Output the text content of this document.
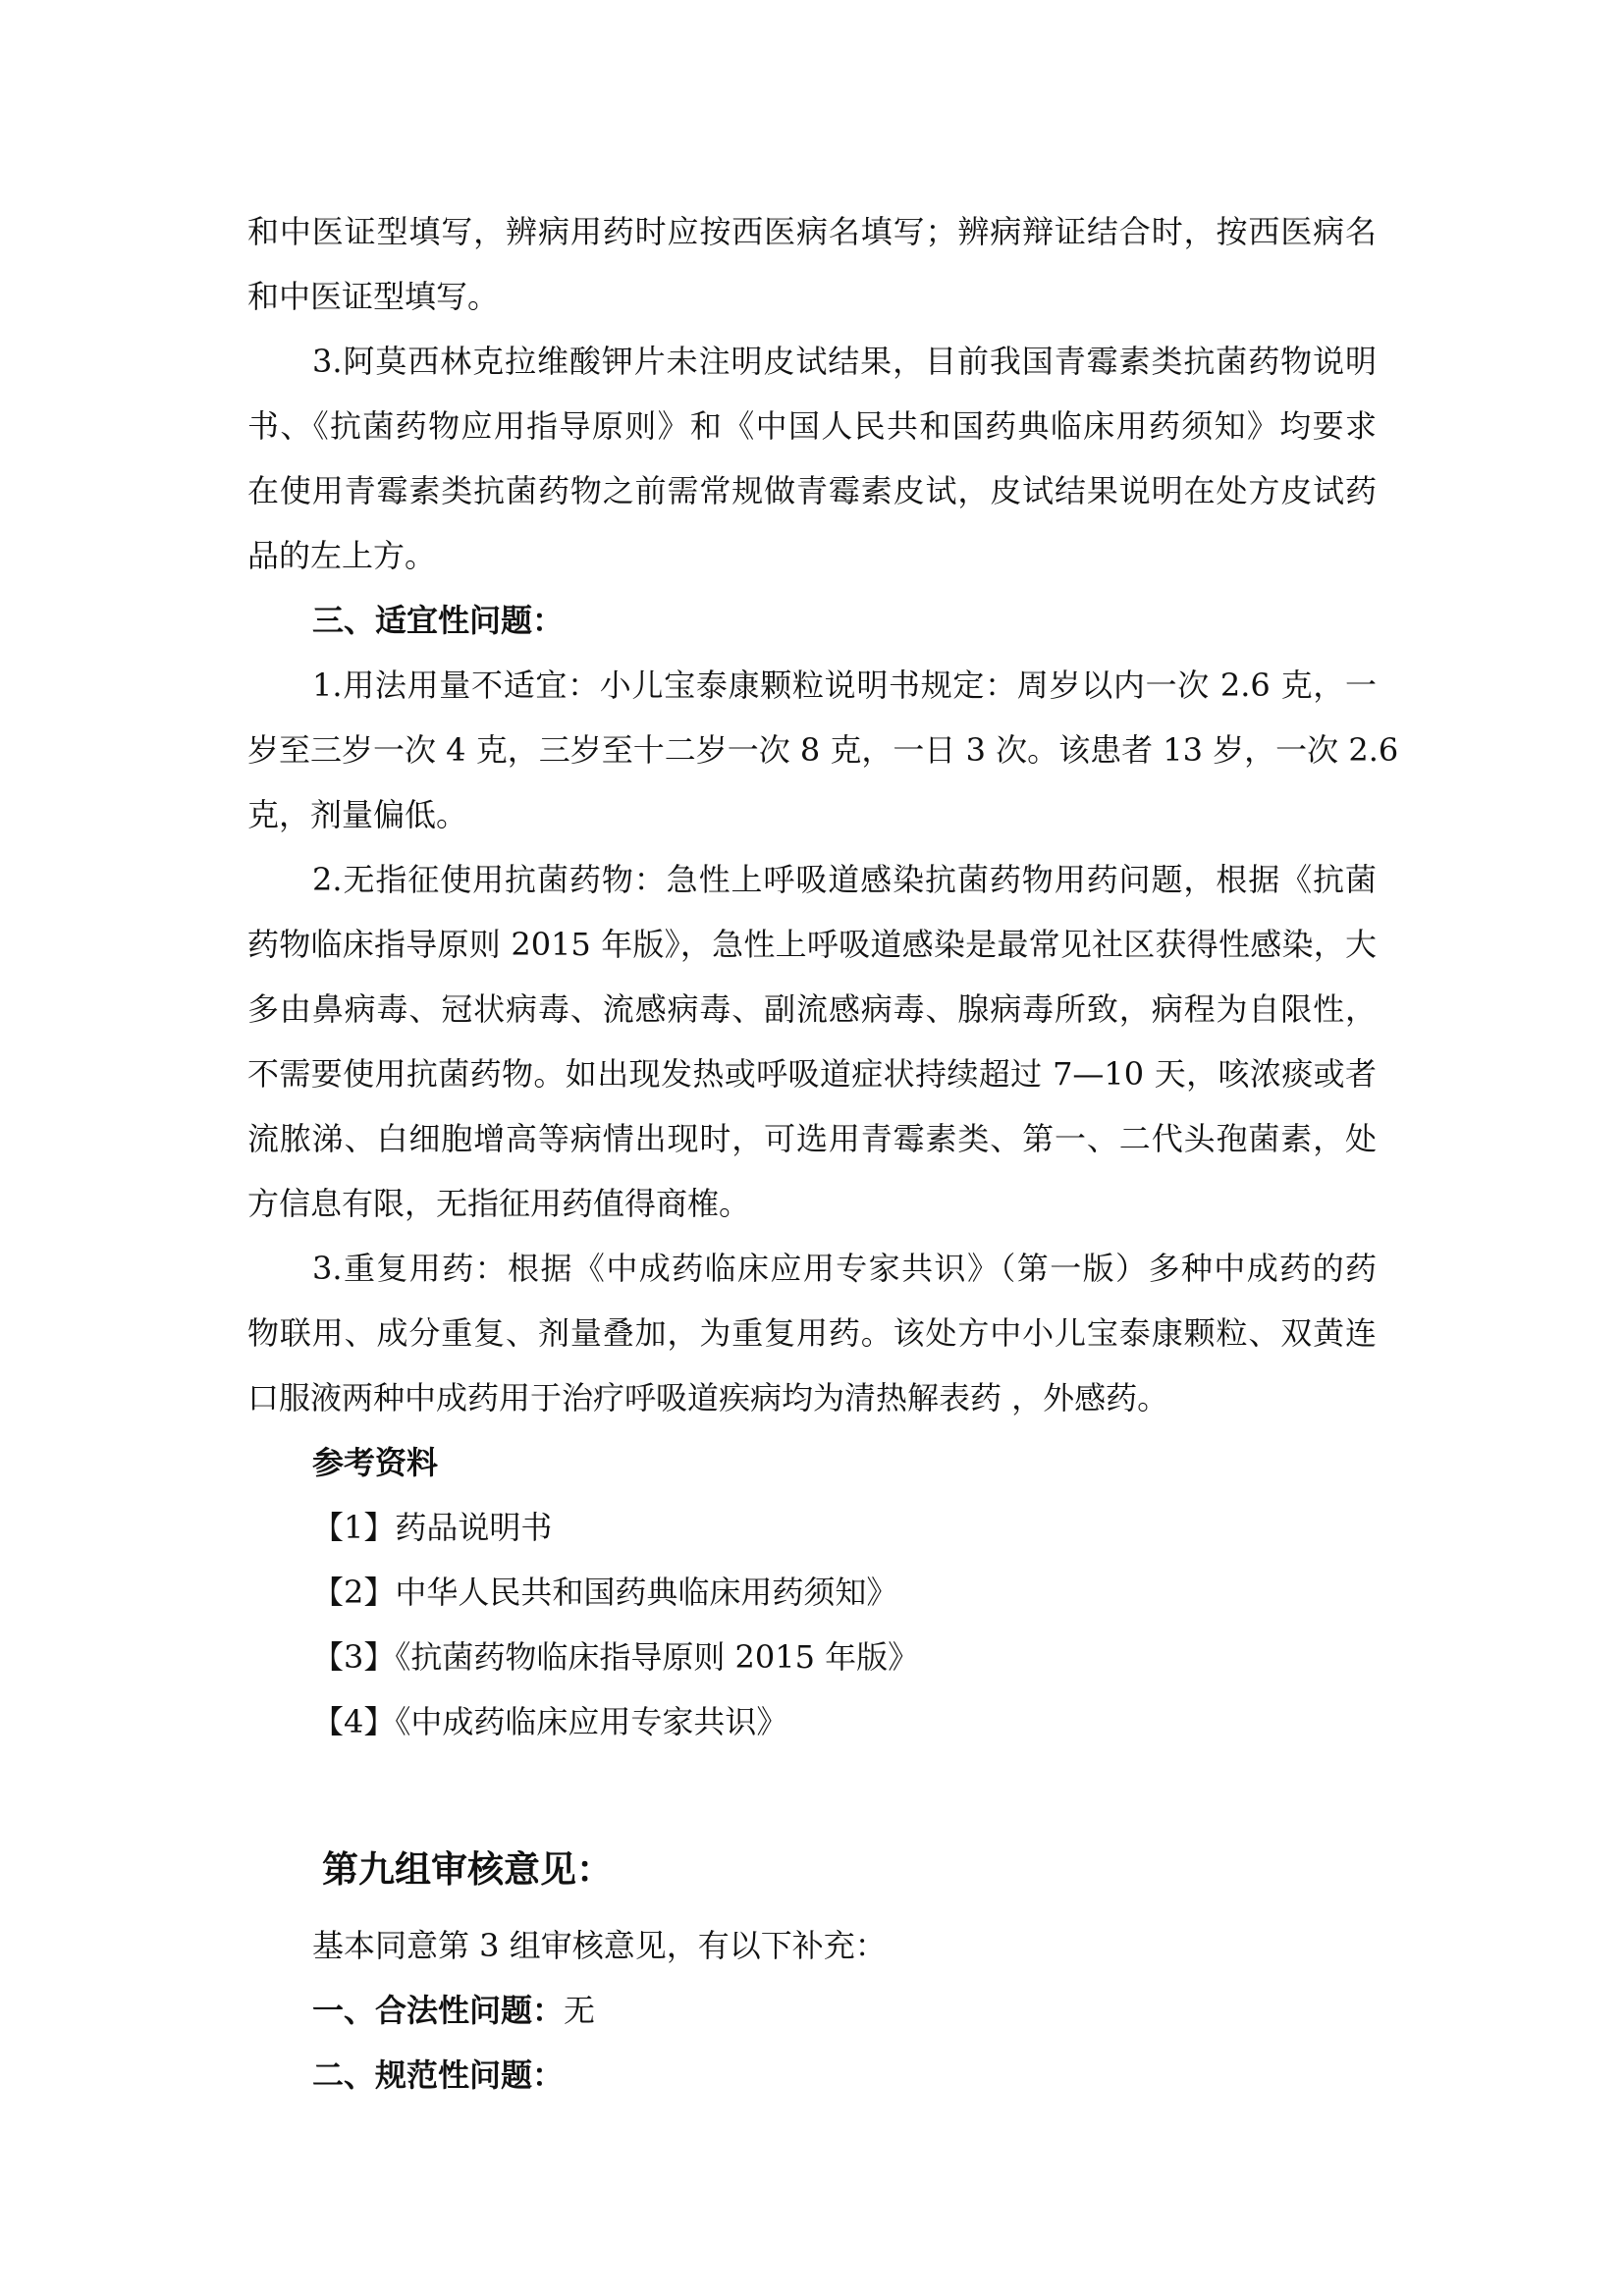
和中医证型填写，辨病用药时应按西医病名填写；辨病辩证结合时，按西医病名
和中医证型填写。
3.阿莫西林克拉维酸钾片未注明皮试结果，目前我国青霉素类抗菌药物说明
书、《抗菌药物应用指导原则》和《中国人民共和国药典临床用药须知》均要求
在使用青霉素类抗菌药物之前需常规做青霉素皮试，皮试结果说明在处方皮试药
品的左上方。
三、适宜性问题：
1.用法用量不适宜：小儿宝泰康颗粒说明书规定：周岁以内一次 2.6 克，一
岁至三岁一次 4 克，三岁至十二岁一次 8 克，一日 3 次。该患者 13 岁，一次 2.6
克，剂量偏低。
2.无指征使用抗菌药物：急性上呼吸道感染抗菌药物用药问题，根据《抗菌
药物临床指导原则 2015 年版》，急性上呼吸道感染是最常见社区获得性感染，大
多由鼻病毒、冠状病毒、流感病毒、副流感病毒、腺病毒所致，病程为自限性，
不需要使用抗菌药物。如出现发热或呼吸道症状持续超过 7—10 天，咳浓痰或者
流脓涕、白细胞增高等病情出现时，可选用青霉素类、第一、二代头孢菌素，处
方信息有限，无指征用药值得商榷。
3.重复用药：根据《中成药临床应用专家共识》（第一版）多种中成药的药
物联用、成分重复、剂量叠加，为重复用药。该处方中小儿宝泰康颗粒、双黄连
口服液两种中成药用于治疗呼吸道疾病均为清热解表药 ，外感药。
参考资料
【1】药品说明书
【2】中华人民共和国药典临床用药须知》
【3】《抗菌药物临床指导原则 2015 年版》
【4】《中成药临床应用专家共识》
第九组审核意见：
基本同意第 3 组审核意见，有以下补充：
一、合法性问题：无
二、规范性问题：
